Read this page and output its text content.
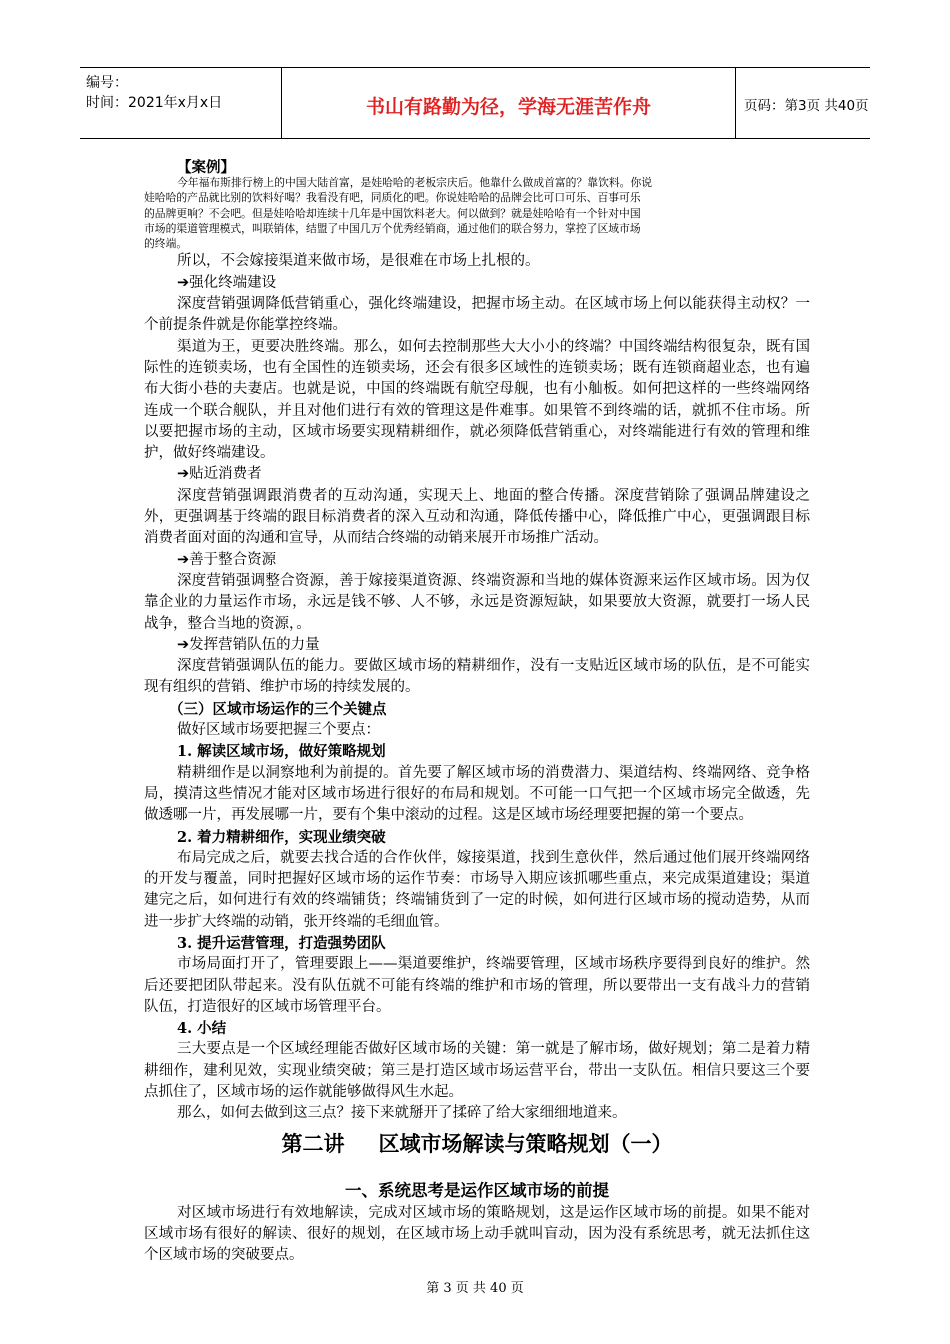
编号：
时间：2021年x月x日	书山有路勤为径，学海无涯苦作舟	页码：第3页 共40页

【案例】

今年福布斯排行榜上的中国大陆首富，是娃哈哈的老板宗庆后。他靠什么做成首富的？靠饮料。你说

娃哈哈的产品就比别的饮料好喝？我看没有吧，同质化的吧。你说娃哈哈的品牌会比可口可乐、百事可乐

的品牌更响？不会吧。但是娃哈哈却连续十几年是中国饮料老大。何以做到？就是娃哈哈有一个针对中国

市场的渠道管理模式，叫联销体，结盟了中国几万个优秀经销商，通过他们的联合努力，掌控了区域市场

的终端。

所以，不会嫁接渠道来做市场，是很难在市场上扎根的。

➔强化终端建设

深度营销强调降低营销重心，强化终端建设，把握市场主动。在区域市场上何以能获得主动权？一个前提条件就是你能掌控终端。

渠道为王，更要决胜终端。那么，如何去控制那些大大小小的终端？中国终端结构很复杂，既有国际性的连锁卖场，也有全国性的连锁卖场，还会有很多区域性的连锁卖场；既有连锁商超业态，也有遍布大街小巷的夫妻店。也就是说，中国的终端既有航空母舰，也有小舢板。如何把这样的一些终端网络连成一个联合舰队，并且对他们进行有效的管理这是件难事。如果管不到终端的话，就抓不住市场。所以要把握市场的主动，区域市场要实现精耕细作，就必须降低营销重心，对终端能进行有效的管理和维护，做好终端建设。

➔贴近消费者

深度营销强调跟消费者的互动沟通，实现天上、地面的整合传播。深度营销除了强调品牌建设之外，更强调基于终端的跟目标消费者的深入互动和沟通，降低传播中心，降低推广中心，更强调跟目标消费者面对面的沟通和宣导，从而结合终端的动销来展开市场推广活动。

➔善于整合资源

深度营销强调整合资源，善于嫁接渠道资源、终端资源和当地的媒体资源来运作区域市场。因为仅靠企业的力量运作市场，永远是钱不够、人不够，永远是资源短缺，如果要放大资源，就要打一场人民战争，整合当地的资源，。

➔发挥营销队伍的力量

深度营销强调队伍的能力。要做区域市场的精耕细作，没有一支贴近区域市场的队伍，是不可能实现有组织的营销、维护市场的持续发展的。

（三）区域市场运作的三个关键点

做好区域市场要把握三个要点：

1. 解读区域市场，做好策略规划

精耕细作是以洞察地利为前提的。首先要了解区域市场的消费潜力、渠道结构、终端网络、竞争格局，摸清这些情况才能对区域市场进行很好的布局和规划。不可能一口气把一个区域市场完全做透，先做透哪一片，再发展哪一片，要有个集中滚动的过程。这是区域市场经理要把握的第一个要点。

2. 着力精耕细作，实现业绩突破

布局完成之后，就要去找合适的合作伙伴，嫁接渠道，找到生意伙伴，然后通过他们展开终端网络的开发与覆盖，同时把握好区域市场的运作节奏：市场导入期应该抓哪些重点，来完成渠道建设；渠道建完之后，如何进行有效的终端铺货；终端铺货到了一定的时候，如何进行区域市场的搅动造势，从而进一步扩大终端的动销，张开终端的毛细血管。

3. 提升运营管理，打造强势团队

市场局面打开了，管理要跟上——渠道要维护，终端要管理，区域市场秩序要得到良好的维护。然后还要把团队带起来。没有队伍就不可能有终端的维护和市场的管理，所以要带出一支有战斗力的营销队伍，打造很好的区域市场管理平台。

4. 小结

三大要点是一个区域经理能否做好区域市场的关键：第一就是了解市场，做好规划；第二是着力精耕细作，建利见效，实现业绩突破；第三是打造区域市场运营平台，带出一支队伍。相信只要这三个要点抓住了，区域市场的运作就能够做得风生水起。

那么，如何去做到这三点？接下来就掰开了揉碎了给大家细细地道来。

第二讲 区域市场解读与策略规划（一）

一、系统思考是运作区域市场的前提

对区域市场进行有效地解读，完成对区域市场的策略规划，这是运作区域市场的前提。如果不能对区域市场有很好的解读、很好的规划，在区域市场上动手就叫盲动，因为没有系统思考，就无法抓住这个区域市场的突破要点。

第 3 页 共 40 页
